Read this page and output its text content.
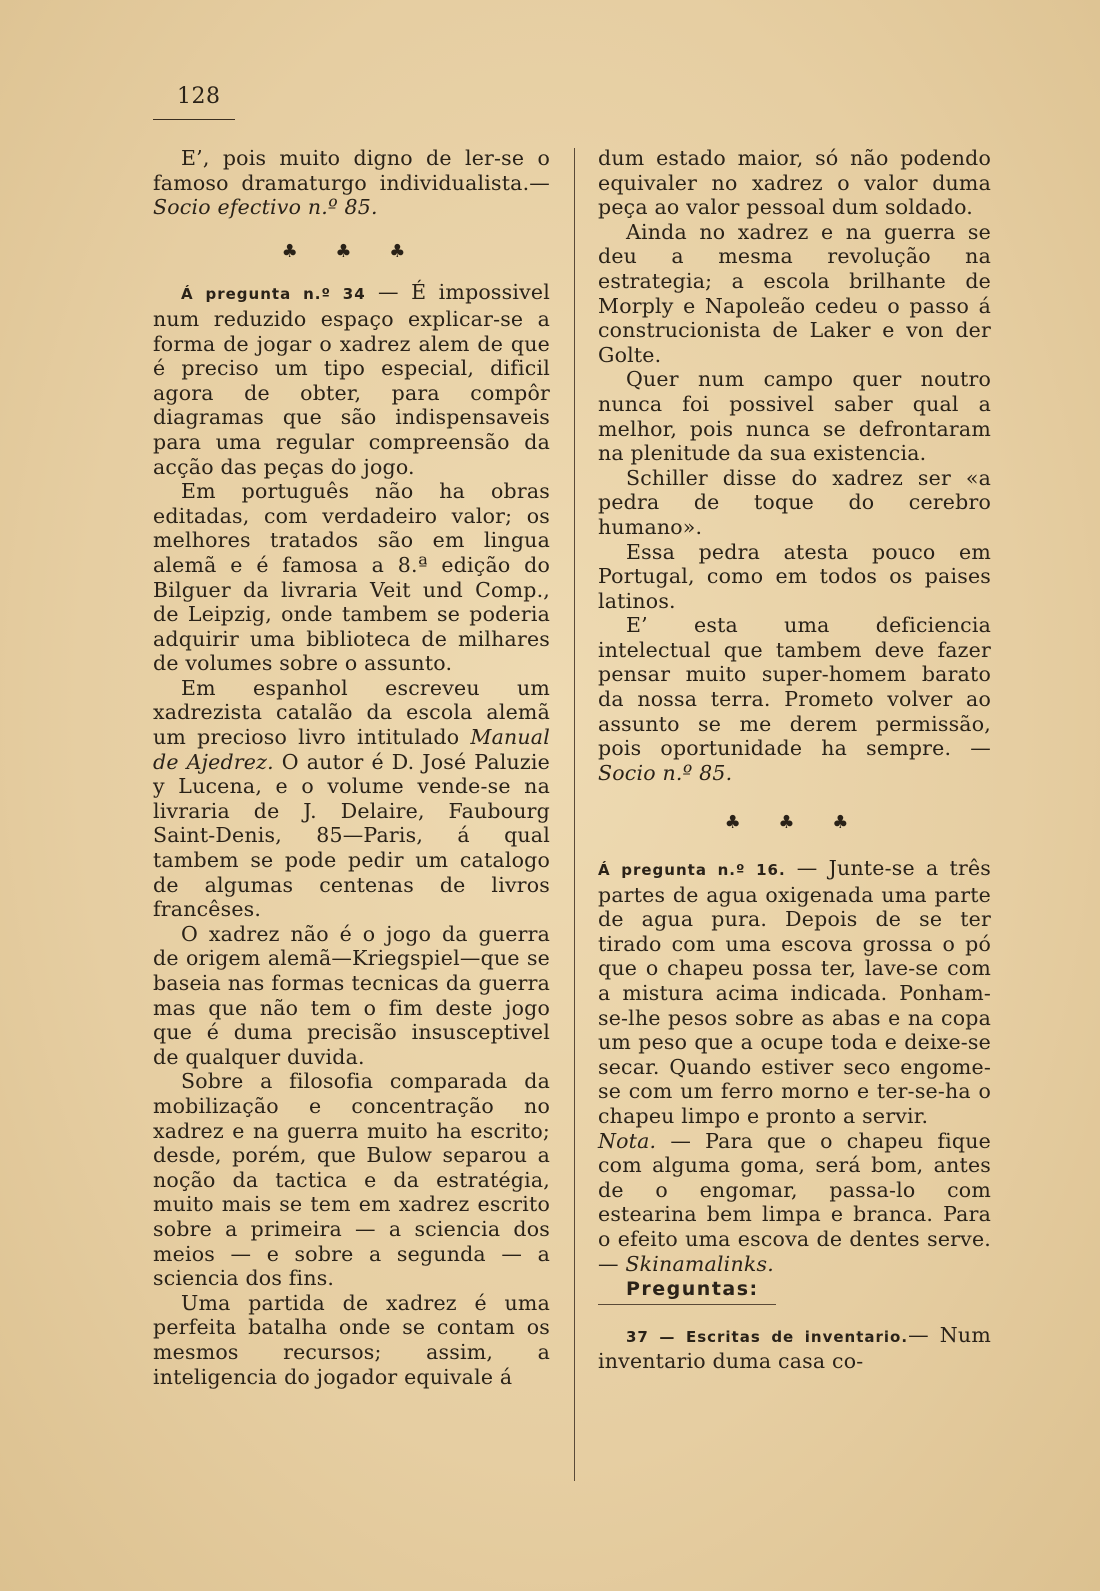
128

E’, pois muito digno de ler-se o famoso dramaturgo individualista.— Socio efectivo n.º 85.

♣ ♣ ♣

Á pregunta n.º 34 — É impossivel num reduzido espaço explicar-se a forma de jogar o xadrez alem de que é preciso um tipo especial, dificil agora de obter, para compôr diagramas que são indispensaveis para uma regular compreensão da acção das peças do jogo.

Em português não ha obras editadas, com verdadeiro valor; os melhores tratados são em lingua alemã e é famosa a 8.ª edição do Bilguer da livraria Veit und Comp., de Leipzig, onde tambem se poderia adquirir uma biblioteca de milhares de volumes sobre o assunto.

Em espanhol escreveu um xadrezista catalão da escola alemã um precioso livro intitulado Manual de Ajedrez. O autor é D. José Paluzie y Lucena, e o volume vende-se na livraria de J. Delaire, Faubourg Saint-Denis, 85—Paris, á qual tambem se pode pedir um catalogo de algumas centenas de livros francêses.

O xadrez não é o jogo da guerra de origem alemã—Kriegspiel—que se baseia nas formas tecnicas da guerra mas que não tem o fim deste jogo que é duma precisão insusceptivel de qualquer duvida.

Sobre a filosofia comparada da mobilização e concentração no xadrez e na guerra muito ha escrito; desde, porém, que Bulow separou a noção da tactica e da estratégia, muito mais se tem em xadrez escrito sobre a primeira — a sciencia dos meios — e sobre a segunda — a sciencia dos fins.

Uma partida de xadrez é uma perfeita batalha onde se contam os mesmos recursos; assim, a inteligencia do jogador equivale á

dum estado maior, só não podendo equivaler no xadrez o valor duma peça ao valor pessoal dum soldado.

Ainda no xadrez e na guerra se deu a mesma revolução na estrategia; a escola brilhante de Morply e Napoleão cedeu o passo á construcionista de Laker e von der Golte.

Quer num campo quer noutro nunca foi possivel saber qual a melhor, pois nunca se defrontaram na plenitude da sua existencia.

Schiller disse do xadrez ser «a pedra de toque do cerebro humano».

Essa pedra atesta pouco em Portugal, como em todos os paises latinos.

E’ esta uma deficiencia intelectual que tambem deve fazer pensar muito super-homem barato da nossa terra. Prometo volver ao assunto se me derem permissão, pois oportunidade ha sempre. — Socio n.º 85.

♣ ♣ ♣

Á pregunta n.º 16. — Junte-se a três partes de agua oxigenada uma parte de agua pura. Depois de se ter tirado com uma escova grossa o pó que o chapeu possa ter, lave-se com a mistura acima indicada. Ponham-se-lhe pesos sobre as abas e na copa um peso que a ocupe toda e deixe-se secar. Quando estiver seco engome-se com um ferro morno e ter-se-ha o chapeu limpo e pronto a servir.

Nota. — Para que o chapeu fique com alguma goma, será bom, antes de o engomar, passa-lo com estearina bem limpa e branca. Para o efeito uma escova de dentes serve. — Skinamalinks.

Preguntas:

37 — Escritas de inventario.— Num inventario duma casa co-
